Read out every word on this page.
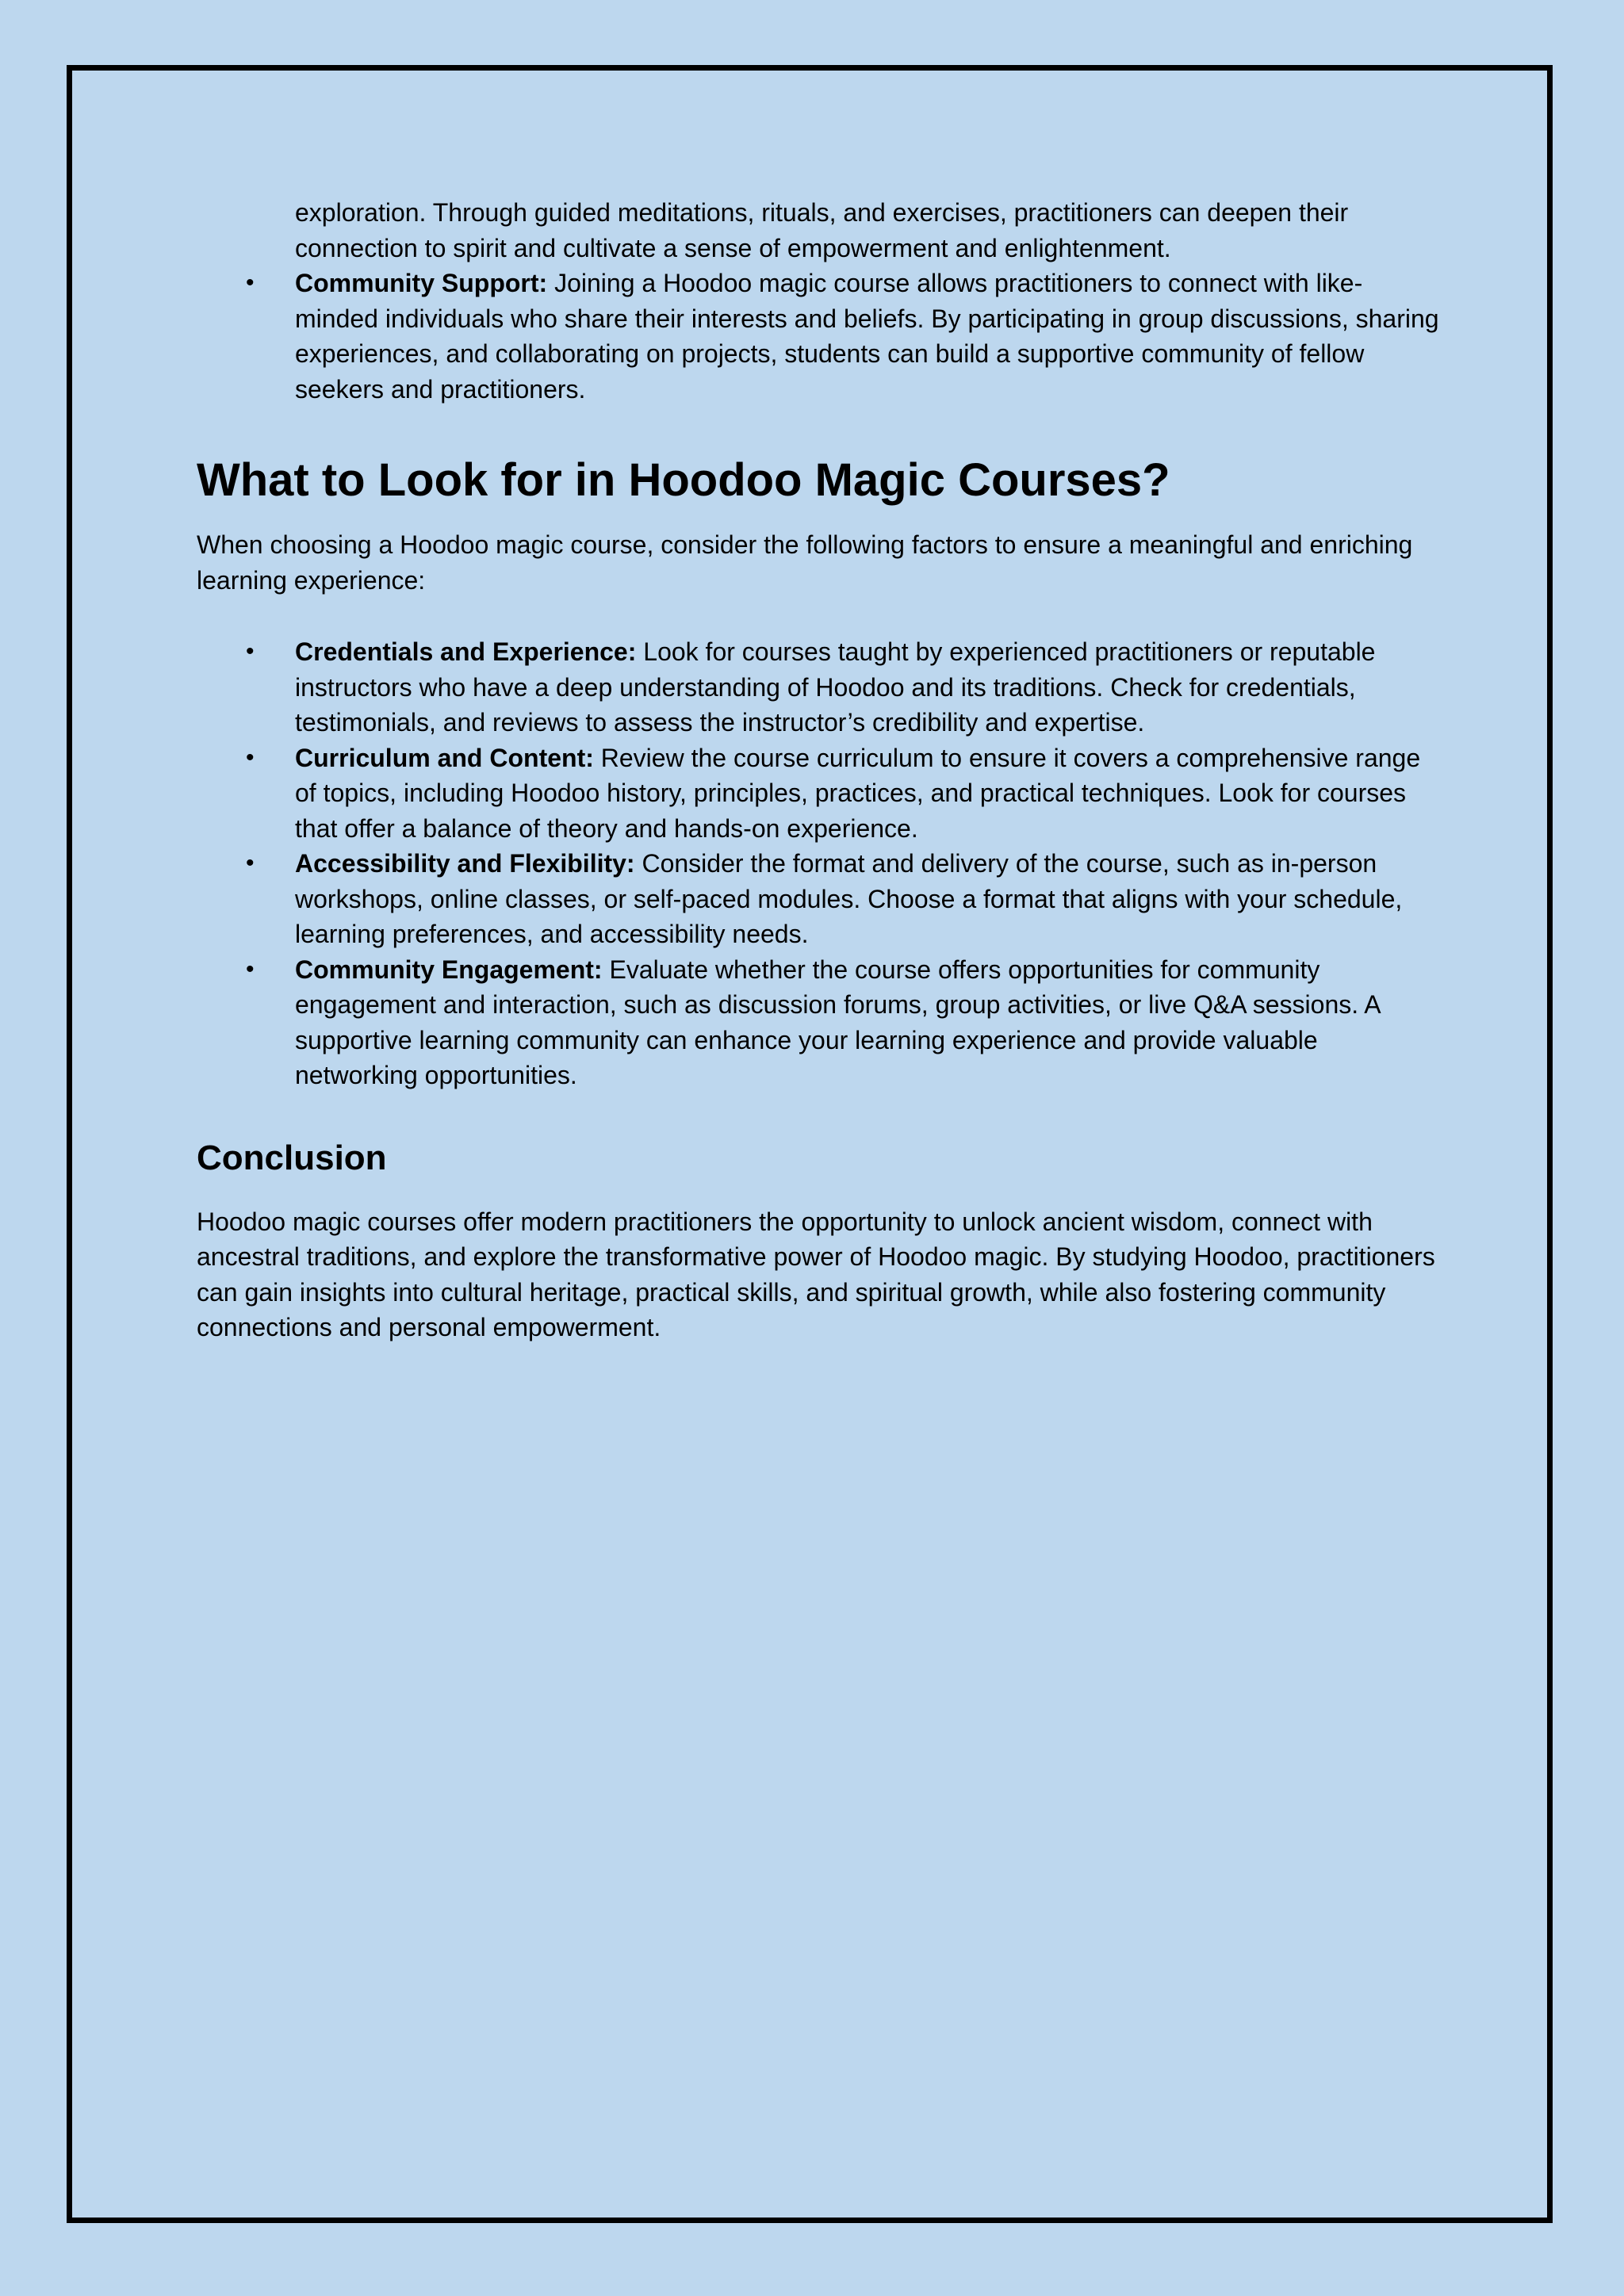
exploration. Through guided meditations, rituals, and exercises, practitioners can deepen their connection to spirit and cultivate a sense of empowerment and enlightenment.

• Community Support: Joining a Hoodoo magic course allows practitioners to connect with like-minded individuals who share their interests and beliefs. By participating in group discussions, sharing experiences, and collaborating on projects, students can build a supportive community of fellow seekers and practitioners.
What to Look for in Hoodoo Magic Courses?

When choosing a Hoodoo magic course, consider the following factors to ensure a meaningful and enriching learning experience:

• Credentials and Experience: Look for courses taught by experienced practitioners or reputable instructors who have a deep understanding of Hoodoo and its traditions. Check for credentials, testimonials, and reviews to assess the instructor’s credibility and expertise.
• Curriculum and Content: Review the course curriculum to ensure it covers a comprehensive range of topics, including Hoodoo history, principles, practices, and practical techniques. Look for courses that offer a balance of theory and hands-on experience.
• Accessibility and Flexibility: Consider the format and delivery of the course, such as in-person workshops, online classes, or self-paced modules. Choose a format that aligns with your schedule, learning preferences, and accessibility needs.
• Community Engagement: Evaluate whether the course offers opportunities for community engagement and interaction, such as discussion forums, group activities, or live Q&A sessions. A supportive learning community can enhance your learning experience and provide valuable networking opportunities.
Conclusion

Hoodoo magic courses offer modern practitioners the opportunity to unlock ancient wisdom, connect with ancestral traditions, and explore the transformative power of Hoodoo magic. By studying Hoodoo, practitioners can gain insights into cultural heritage, practical skills, and spiritual growth, while also fostering community connections and personal empowerment.
